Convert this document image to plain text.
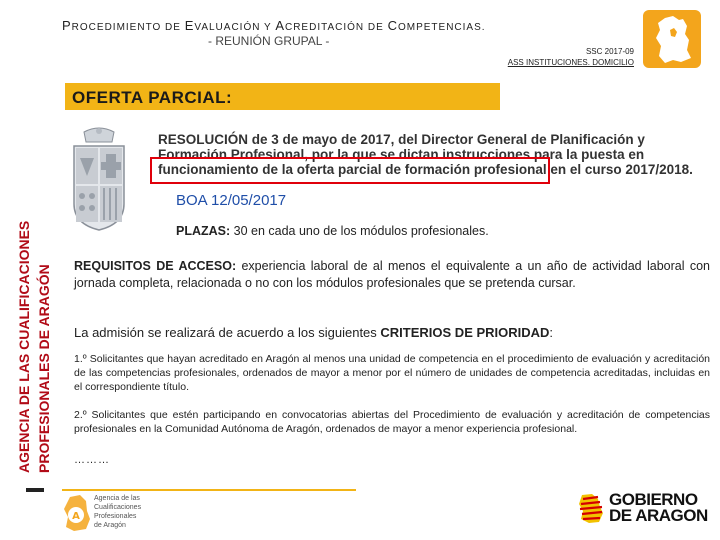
PROCEDIMIENTO DE EVALUACIÓN Y ACREDITACIÓN DE COMPETENCIAS.
- REUNIÓN GRUPAL -
SSC 2017-09
ASS INSTITUCIONES. DOMICILIO
AGENCIA DE LAS CUALIFICACIONES PROFESIONALES DE ARAGÓN
OFERTA PARCIAL:
RESOLUCIÓN de 3 de mayo de 2017, del Director General de Planificación y Formación Profesional, por la que se dictan instrucciones para la puesta en funcionamiento de la oferta parcial de formación profesional en el curso 2017/2018.
BOA 12/05/2017
PLAZAS: 30 en cada uno de los módulos profesionales.
REQUISITOS DE ACCESO: experiencia laboral de al menos el equivalente a un año de actividad laboral con jornada completa, relacionada o no con los módulos profesionales que se pretenda cursar.
La admisión se realizará de acuerdo a los siguientes CRITERIOS DE PRIORIDAD:
1.º Solicitantes que hayan acreditado en Aragón al menos una unidad de competencia en el procedimiento de evaluación y acreditación de las competencias profesionales, ordenados de mayor a menor por el número de unidades de competencia acreditadas, incluidas en el correspondiente título.
2.º Solicitantes que estén participando en convocatorias abiertas del Procedimiento de evaluación y acreditación de competencias profesionales en la Comunidad Autónoma de Aragón, ordenados de mayor a menor experiencia profesional.
………
A
Agencia de las
Cualificaciones
Profesionales
de Aragón
GOBIERNO
DE ARAGON
